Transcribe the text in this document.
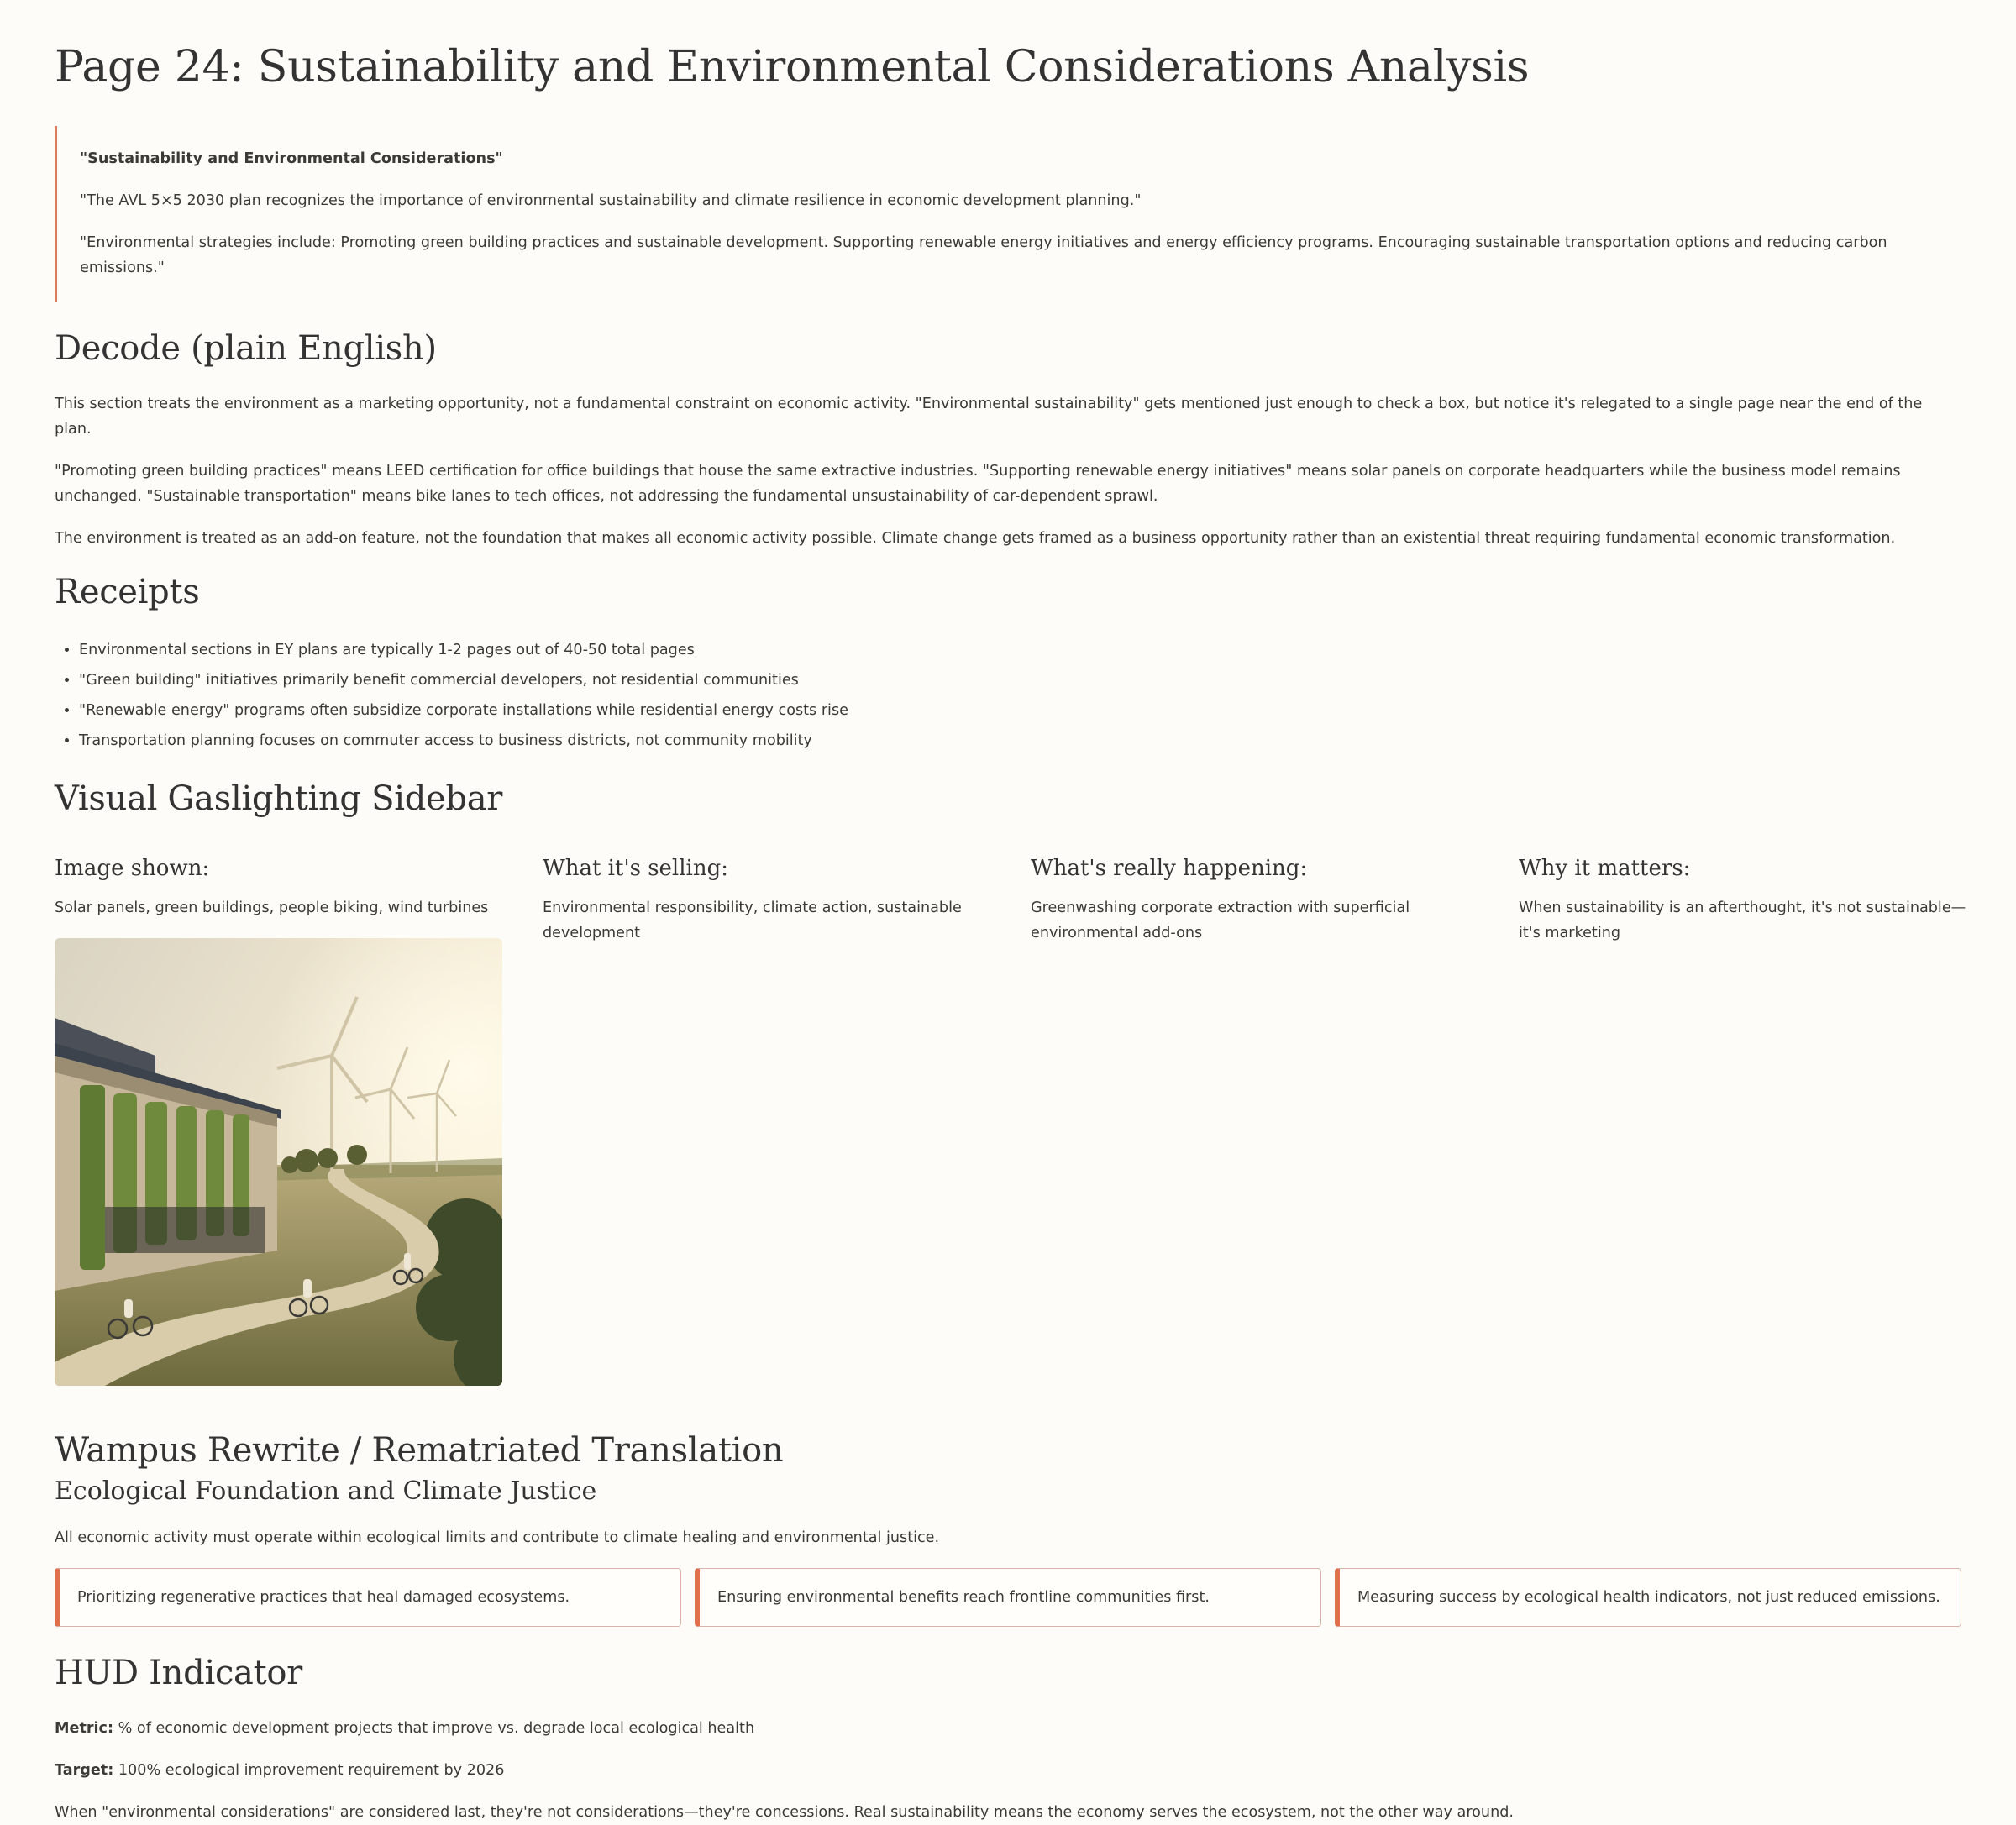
Page 24: Sustainability and Environmental Considerations Analysis

"Sustainability and Environmental Considerations"

"The AVL 5×5 2030 plan recognizes the importance of environmental sustainability and climate resilience in economic development planning."

"Environmental strategies include: Promoting green building practices and sustainable development. Supporting renewable energy initiatives and energy efficiency programs. Encouraging sustainable transportation options and reducing carbon emissions."

Decode (plain English)

This section treats the environment as a marketing opportunity, not a fundamental constraint on economic activity. "Environmental sustainability" gets mentioned just enough to check a box, but notice it's relegated to a single page near the end of the plan.

"Promoting green building practices" means LEED certification for office buildings that house the same extractive industries. "Supporting renewable energy initiatives" means solar panels on corporate headquarters while the business model remains unchanged. "Sustainable transportation" means bike lanes to tech offices, not addressing the fundamental unsustainability of car-dependent sprawl.

The environment is treated as an add-on feature, not the foundation that makes all economic activity possible. Climate change gets framed as a business opportunity rather than an existential threat requiring fundamental economic transformation.

Receipts
• Environmental sections in EY plans are typically 1-2 pages out of 40-50 total pages
• "Green building" initiatives primarily benefit commercial developers, not residential communities
• "Renewable energy" programs often subsidize corporate installations while residential energy costs rise
• Transportation planning focuses on commuter access to business districts, not community mobility
Visual Gaslighting Sidebar
Image shown:

Solar panels, green buildings, people biking, wind turbines

What it's selling:

Environmental responsibility, climate action, sustainable development

What's really happening:

Greenwashing corporate extraction with superficial environmental add-ons

Why it matters:

When sustainability is an afterthought, it's not sustainable—it's marketing

Wampus Rewrite / Rematriated Translation
Ecological Foundation and Climate Justice

All economic activity must operate within ecological limits and contribute to climate healing and environmental justice.

Prioritizing regenerative practices that heal damaged ecosystems.	Ensuring environmental benefits reach frontline communities first.	Measuring success by ecological health indicators, not just reduced emissions.
HUD Indicator

Metric: % of economic development projects that improve vs. degrade local ecological health

Target: 100% ecological improvement requirement by 2026

When "environmental considerations" are considered last, they're not considerations—they're concessions. Real sustainability means the economy serves the ecosystem, not the other way around.
